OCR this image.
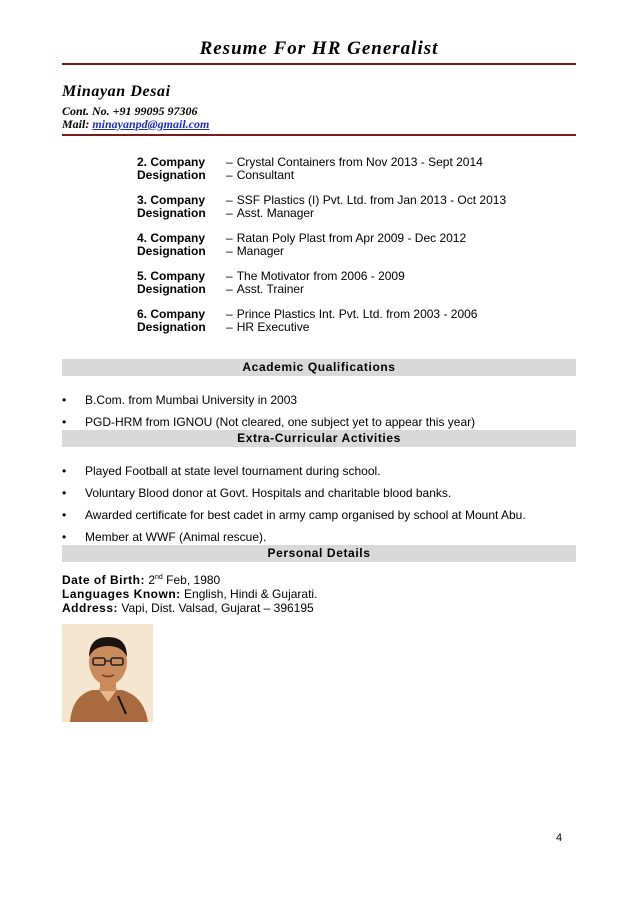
Resume For HR Generalist
Minayan Desai
Cont. No. +91 99095 97306
Mail: minayanpd@gmail.com
2. Company	– Crystal Containers from Nov 2013 - Sept 2014
Designation	– Consultant
3. Company	– SSF Plastics (I) Pvt. Ltd. from Jan 2013 - Oct 2013
Designation	– Asst. Manager
4. Company	– Ratan Poly Plast from Apr 2009 - Dec 2012
Designation	– Manager
5. Company	– The Motivator from 2006 - 2009
Designation	– Asst. Trainer
6. Company	– Prince Plastics Int. Pvt. Ltd. from 2003 - 2006
Designation	– HR Executive
Academic Qualifications
• B.Com. from Mumbai University in 2003
• PGD-HRM from IGNOU (Not cleared, one subject yet to appear this year)
Extra-Curricular Activities
• Played Football at state level tournament during school.
• Voluntary Blood donor at Govt. Hospitals and charitable blood banks.
• Awarded certificate for best cadet in army camp organised by school at Mount Abu.
• Member at WWF (Animal rescue).
Personal Details
Date of Birth: 2nd Feb, 1980
Languages Known: English, Hindi & Gujarati.
Address: Vapi, Dist. Valsad, Gujarat – 396195
4
